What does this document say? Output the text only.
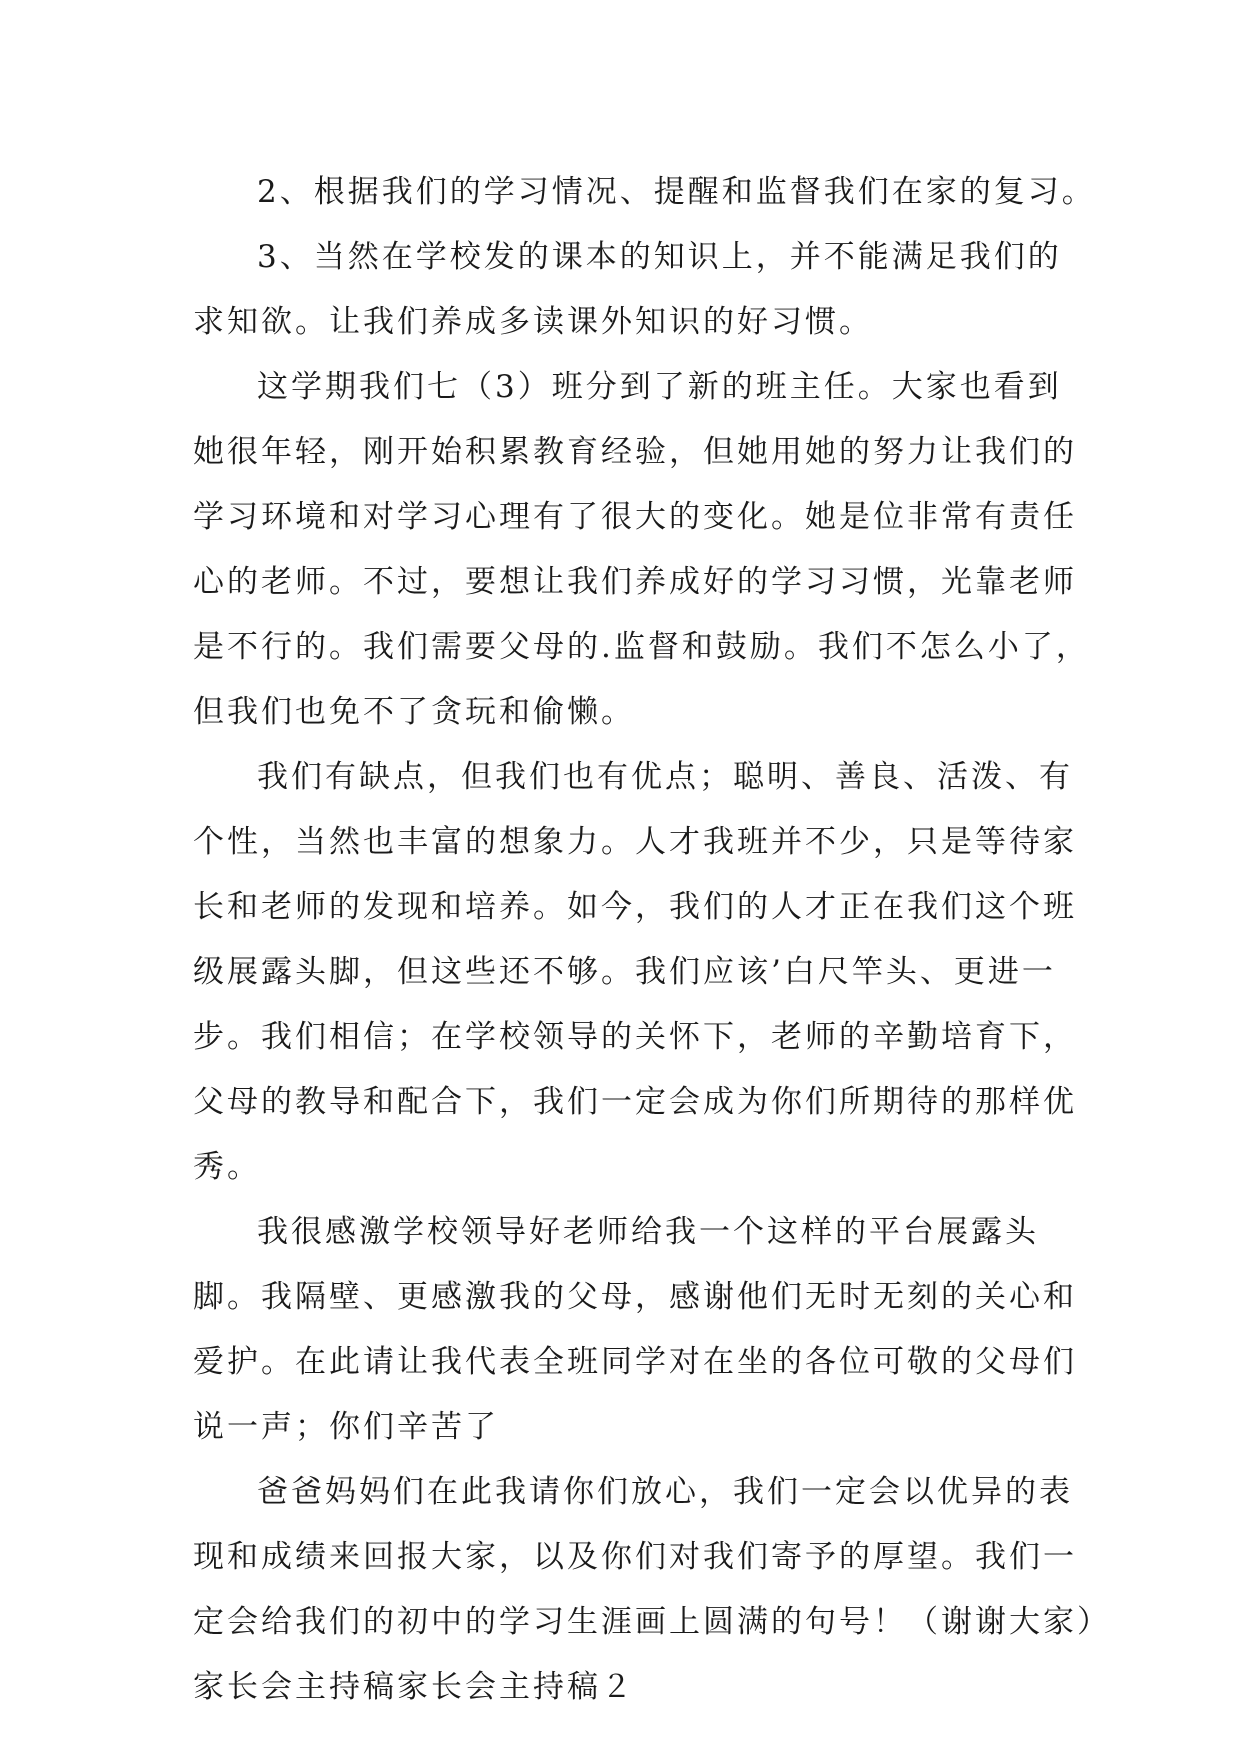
2、根据我们的学习情况、提醒和监督我们在家的复习。
3、当然在学校发的课本的知识上，并不能满足我们的
求知欲。让我们养成多读课外知识的好习惯。
这学期我们七（3）班分到了新的班主任。大家也看到
她很年轻，刚开始积累教育经验，但她用她的努力让我们的
学习环境和对学习心理有了很大的变化。她是位非常有责任
心的老师。不过，要想让我们养成好的学习习惯，光靠老师
是不行的。我们需要父母的.监督和鼓励。我们不怎么小了，
但我们也免不了贪玩和偷懒。
我们有缺点，但我们也有优点；聪明、善良、活泼、有
个性，当然也丰富的想象力。人才我班并不少，只是等待家
长和老师的发现和培养。如今，我们的人才正在我们这个班
级展露头脚，但这些还不够。我们应该’白尺竿头、更进一
步。我们相信；在学校领导的关怀下，老师的辛勤培育下，
父母的教导和配合下，我们一定会成为你们所期待的那样优
秀。
我很感激学校领导好老师给我一个这样的平台展露头
脚。我隔壁、更感激我的父母，感谢他们无时无刻的关心和
爱护。在此请让我代表全班同学对在坐的各位可敬的父母们
说一声；你们辛苦了
爸爸妈妈们在此我请你们放心，我们一定会以优异的表
现和成绩来回报大家，以及你们对我们寄予的厚望。我们一
定会给我们的初中的学习生涯画上圆满的句号！（谢谢大家）
家长会主持稿家长会主持稿２
